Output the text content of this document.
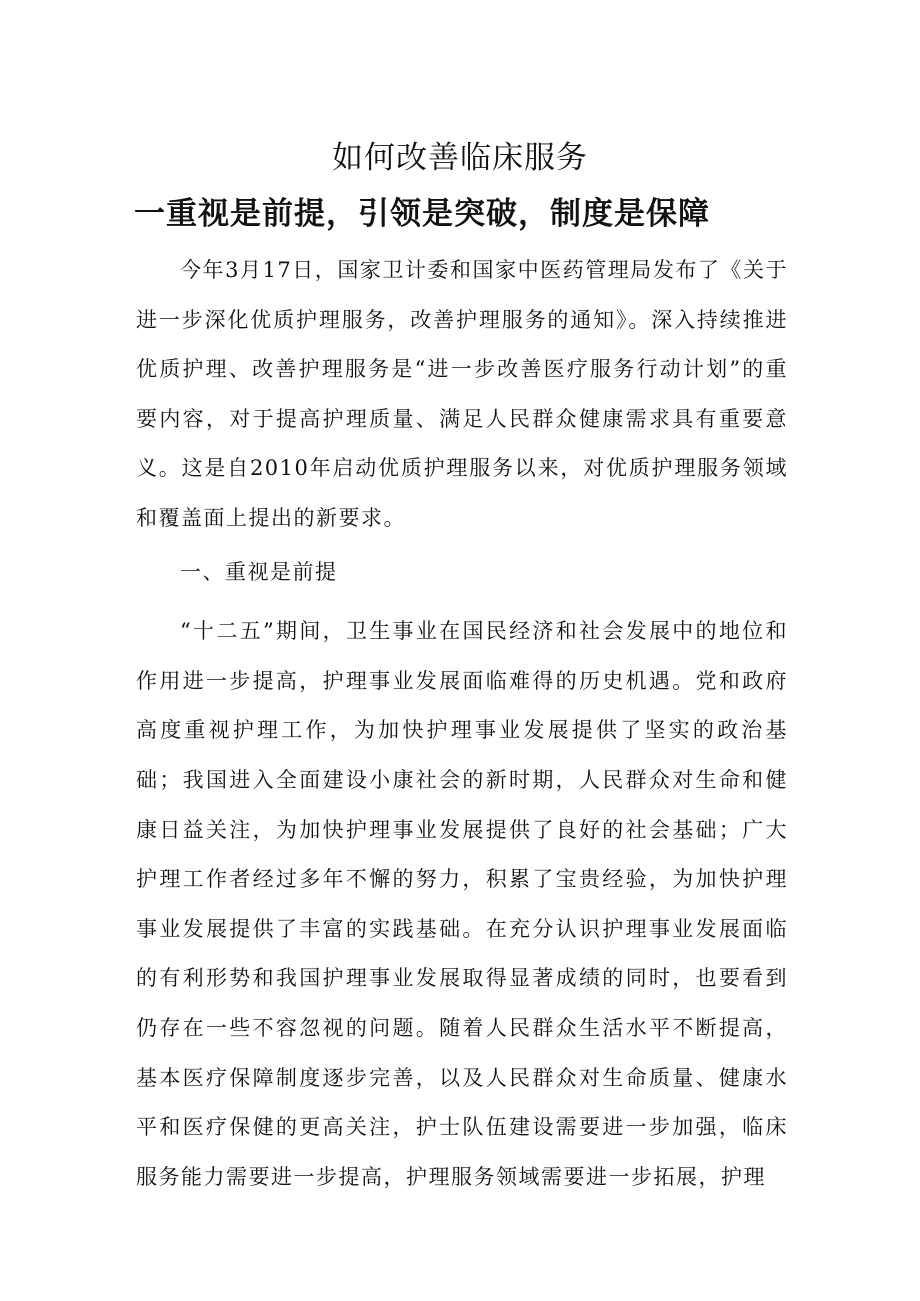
如何改善临床服务
一重视是前提，引领是突破，制度是保障

今年3月17日，国家卫计委和国家中医药管理局发布了《关于进一步深化优质护理服务，改善护理服务的通知》。深入持续推进优质护理、改善护理服务是“进一步改善医疗服务行动计划”的重要内容，对于提高护理质量、满足人民群众健康需求具有重要意义。这是自2010年启动优质护理服务以来，对优质护理服务领域和覆盖面上提出的新要求。

一、重视是前提

“十二五”期间，卫生事业在国民经济和社会发展中的地位和作用进一步提高，护理事业发展面临难得的历史机遇。党和政府高度重视护理工作，为加快护理事业发展提供了坚实的政治基础；我国进入全面建设小康社会的新时期，人民群众对生命和健康日益关注，为加快护理事业发展提供了良好的社会基础；广大护理工作者经过多年不懈的努力，积累了宝贵经验，为加快护理事业发展提供了丰富的实践基础。在充分认识护理事业发展面临的有利形势和我国护理事业发展取得显著成绩的同时，也要看到仍存在一些不容忽视的问题。随着人民群众生活水平不断提高，基本医疗保障制度逐步完善，以及人民群众对生命质量、健康水平和医疗保健的更高关注，护士队伍建设需要进一步加强，临床服务能力需要进一步提高，护理服务领域需要进一步拓展，护理
